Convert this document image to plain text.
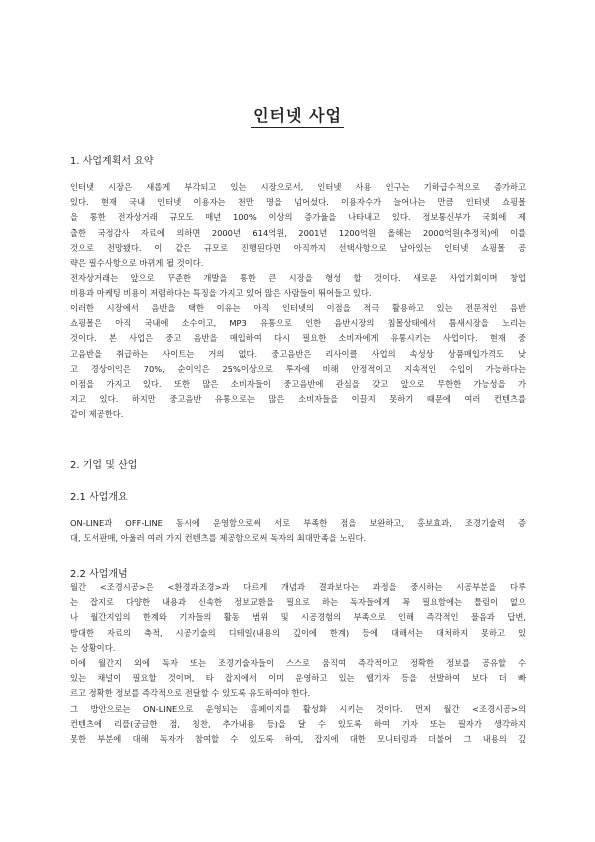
인터넷 사업
1. 사업계획서 요약
인터넷 시장은 새롭게 부각되고 있는 시장으로서, 인터넷 사용 인구는 기하급수적으로 증가하고
있다. 현재 국내 인터넷 이용자는 천만 명을 넘어섰다. 이용자수가 늘어나는 만큼 인터넷 쇼핑몰
을 통한 전자상거래 규모도 매년 100% 이상의 증가율을 나타내고 있다. 정보통신부가 국회에 제
출한 국정감사 자료에 의하면 2000년 614억원, 2001년 1200억원 올해는 2000억원(추정치)에 이를
것으로 전망됐다. 이 같은 규모로 진행된다면 아직까지 선택사항으로 남아있는 인터넷 쇼핑몰 공
략은 필수사항으로 바뀌게 될 것이다.
전자상거래는 앞으로 꾸준한 개발을 통한 큰 시장을 형성 할 것이다. 새로운 사업기회이며 창업
비용과 마케팅 비용이 저렴하다는 특징을 가지고 있어 많은 사람들이 뛰어들고 있다.
이러한 시장에서 음반을 택한 이유는 아직 인터넷의 이점을 적극 활용하고 있는 전문적인 음반
쇼핑몰은 아직 국내에 소수이고, MP3 유통으로 인한 음반시장의 침몰상태에서 틈새시장을 노리는
것이다. 본 사업은 중고 음반을 매입하여 다시 필요한 소비자에게 유통시키는 사업이다. 현재 중
고음반을 취급하는 사이트는 거의 없다. 중고음반은 리사이클 사업의 속성상 상품매입가격도 낮
고 경상이익은 70%, 순이익은 25%이상으로 투자에 비해 안정적이고 지속적인 수입이 가능하다는
이점을 가지고 있다. 또한 많은 소비자들이 중고음반에 관심을 갖고 앞으로 무한한 가능성을 가
지고 있다. 하지만 중고음반 유통으로는 많은 소비자들을 이끌지 못하기 때문에 여러 컨텐츠를
같이 제공한다.
2. 기업 및 산업
2.1 사업개요
ON-LINE과 OFF-LINE 동시에 운영함으로써 서로 부족한 점을 보완하고, 홍보효과, 조경기술력 증
대, 도서판매, 아울러 여러 가지 컨텐츠를 제공함으로써 독자의 최대만족을 노린다.
2.2 사업개념
월간 <조경시공>은 <환경과조경>과 다르게 개념과 결과보다는 과정을 중시하는 시공부분을 다루
는 잡지로 다양한 내용과 신속한 정보교환을 필요로 하는 독자들에게 꼭 필요함에는 틀림이 없으
나 월간지임의 한계와 기자들의 활동 범위 및 시공경험의 부족으로 인해 즉각적인 물음과 답변,
방대한 자료의 축적, 시공기술의 디테일(내용의 깊이에 한계) 등에 대해서는 대처하지 못하고 있
는 상황이다.
이에 월간지 외에 독자 또는 조경기술자들이 스스로 움직여 즉각적이고 정확한 정보를 공유할 수
있는 채널이 필요할 것이며, 타 잡지에서 이미 운영하고 있는 웹기자 등을 선발하여 보다 더 빠
르고 정확한 정보를 즉각적으로 전달할 수 있도록 유도하여야 한다.
그 방안으로는 ON-LINE으로 운영되는 홈페이지를 활성화 시키는 것이다. 먼저 월간 <조경시공>의
컨텐츠에 리플(궁금한 점, 칭찬, 추가내용 등)을 달 수 있도록 하여 기자 또는 필자가 생각하지
못한 부분에 대해 독자가 참여할 수 있도록 하여, 잡지에 대한 모니터링과 더불어 그 내용의 깊
